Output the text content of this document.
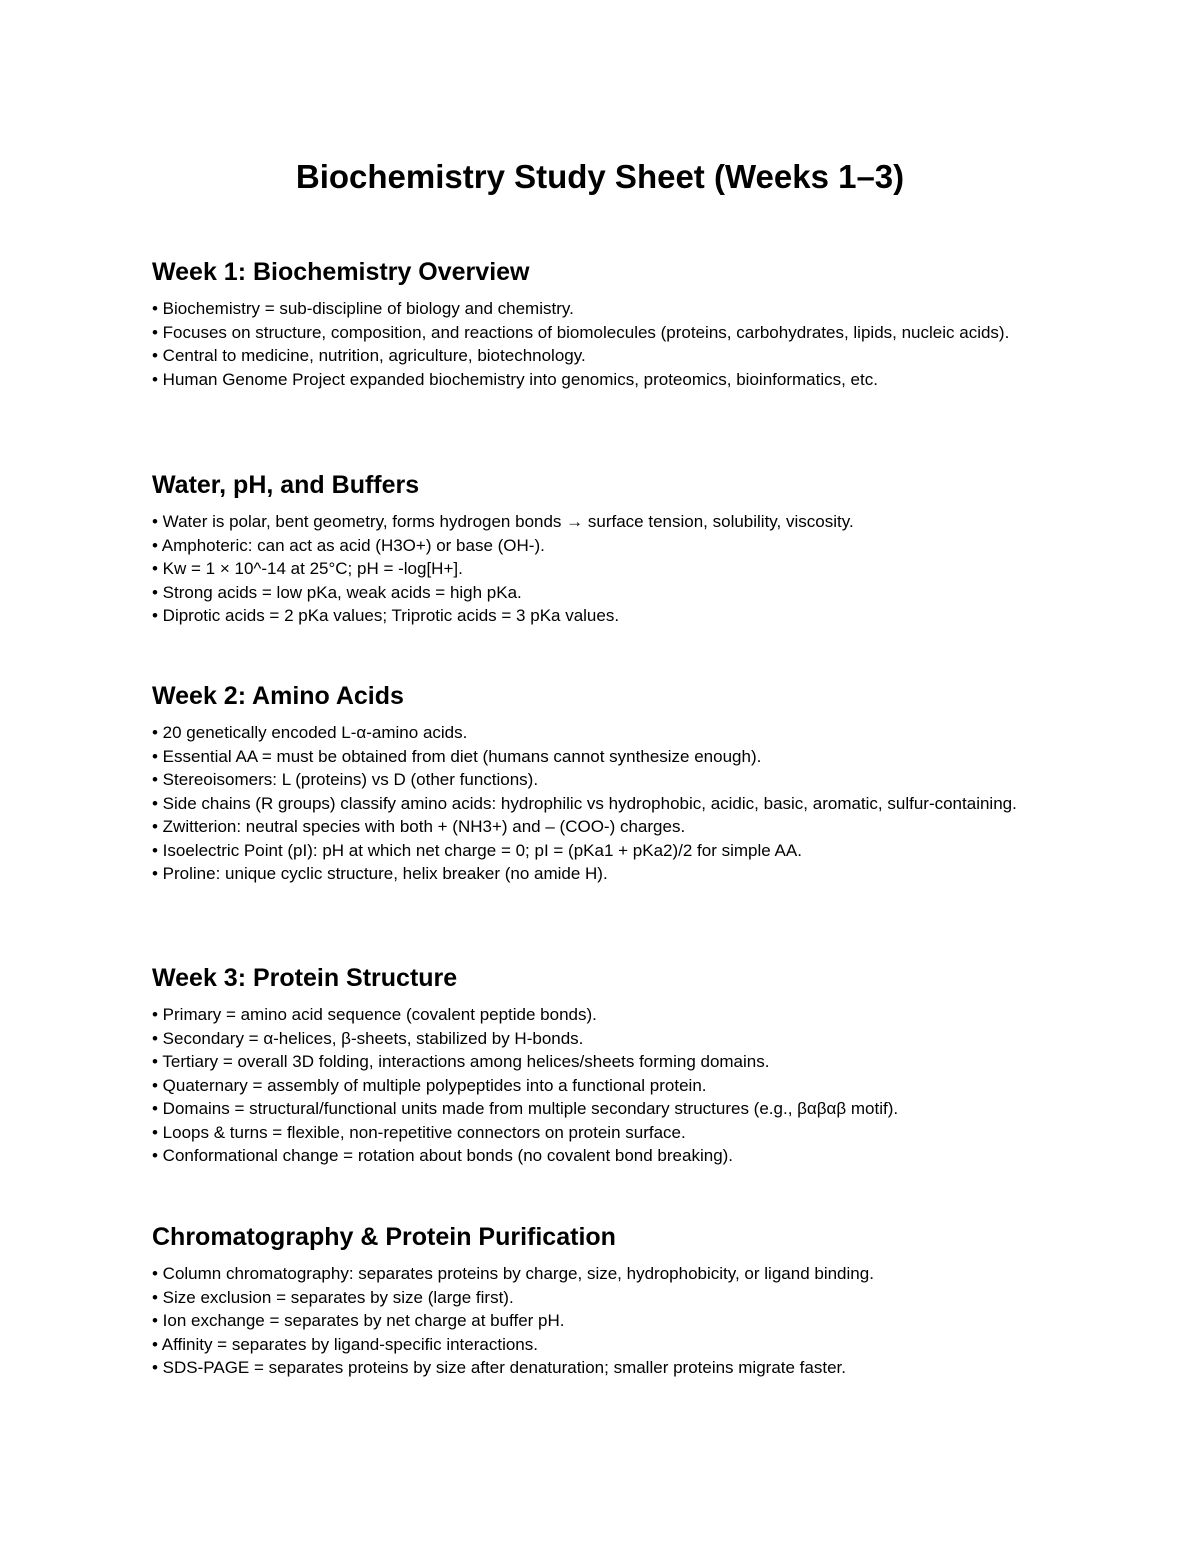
Biochemistry Study Sheet (Weeks 1–3)
Week 1: Biochemistry Overview
• Biochemistry = sub-discipline of biology and chemistry.
• Focuses on structure, composition, and reactions of biomolecules (proteins, carbohydrates, lipids, nucleic acids).
• Central to medicine, nutrition, agriculture, biotechnology.
• Human Genome Project expanded biochemistry into genomics, proteomics, bioinformatics, etc.
Water, pH, and Buffers
• Water is polar, bent geometry, forms hydrogen bonds → surface tension, solubility, viscosity.
• Amphoteric: can act as acid (H3O+) or base (OH-).
• Kw = 1 × 10^-14 at 25°C; pH = -log[H+].
• Strong acids = low pKa, weak acids = high pKa.
• Diprotic acids = 2 pKa values; Triprotic acids = 3 pKa values.
Week 2: Amino Acids
• 20 genetically encoded L-α-amino acids.
• Essential AA = must be obtained from diet (humans cannot synthesize enough).
• Stereoisomers: L (proteins) vs D (other functions).
• Side chains (R groups) classify amino acids: hydrophilic vs hydrophobic, acidic, basic, aromatic, sulfur-containing.
• Zwitterion: neutral species with both + (NH3+) and – (COO-) charges.
• Isoelectric Point (pI): pH at which net charge = 0; pI = (pKa1 + pKa2)/2 for simple AA.
• Proline: unique cyclic structure, helix breaker (no amide H).
Week 3: Protein Structure
• Primary = amino acid sequence (covalent peptide bonds).
• Secondary = α-helices, β-sheets, stabilized by H-bonds.
• Tertiary = overall 3D folding, interactions among helices/sheets forming domains.
• Quaternary = assembly of multiple polypeptides into a functional protein.
• Domains = structural/functional units made from multiple secondary structures (e.g., βαβαβ motif).
• Loops & turns = flexible, non-repetitive connectors on protein surface.
• Conformational change = rotation about bonds (no covalent bond breaking).
Chromatography & Protein Purification
• Column chromatography: separates proteins by charge, size, hydrophobicity, or ligand binding.
• Size exclusion = separates by size (large first).
• Ion exchange = separates by net charge at buffer pH.
• Affinity = separates by ligand-specific interactions.
• SDS-PAGE = separates proteins by size after denaturation; smaller proteins migrate faster.
